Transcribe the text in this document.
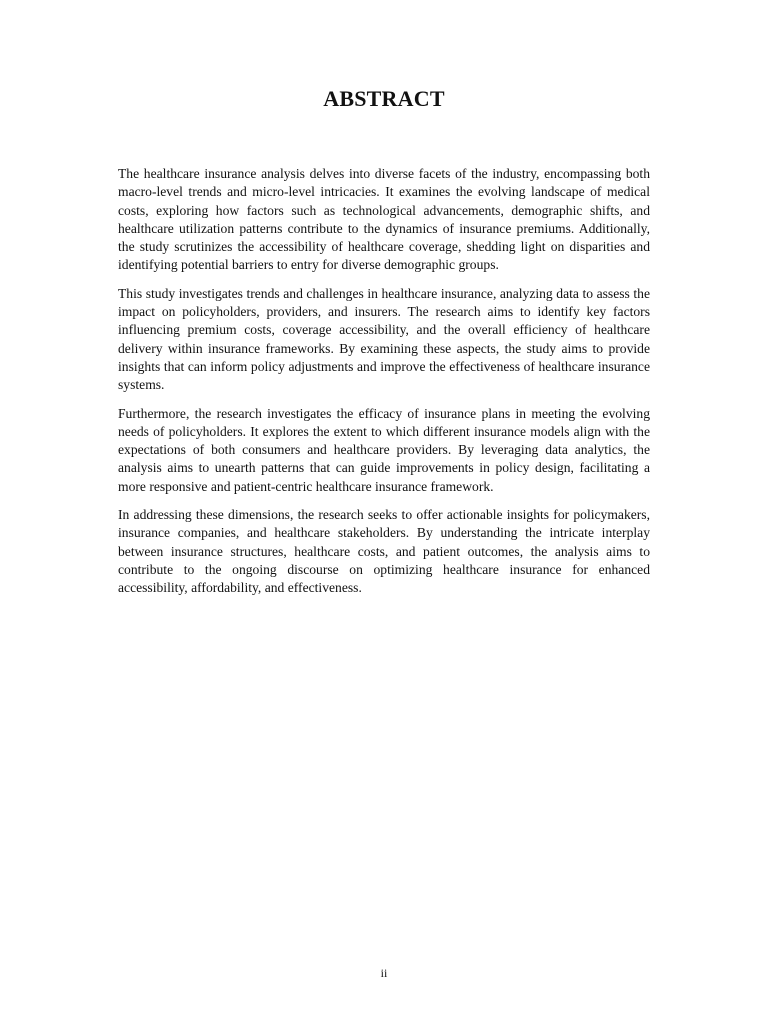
ABSTRACT

The healthcare insurance analysis delves into diverse facets of the industry, encompassing both macro-level trends and micro-level intricacies. It examines the evolving landscape of medical costs, exploring how factors such as technological advancements, demographic shifts, and healthcare utilization patterns contribute to the dynamics of insurance premiums. Additionally, the study scrutinizes the accessibility of healthcare coverage, shedding light on disparities and identifying potential barriers to entry for diverse demographic groups.

This study investigates trends and challenges in healthcare insurance, analyzing data to assess the impact on policyholders, providers, and insurers. The research aims to identify key factors influencing premium costs, coverage accessibility, and the overall efficiency of healthcare delivery within insurance frameworks. By examining these aspects, the study aims to provide insights that can inform policy adjustments and improve the effectiveness of healthcare insurance systems.

Furthermore, the research investigates the efficacy of insurance plans in meeting the evolving needs of policyholders. It explores the extent to which different insurance models align with the expectations of both consumers and healthcare providers. By leveraging data analytics, the analysis aims to unearth patterns that can guide improvements in policy design, facilitating a more responsive and patient-centric healthcare insurance framework.

In addressing these dimensions, the research seeks to offer actionable insights for policymakers, insurance companies, and healthcare stakeholders. By understanding the intricate interplay between insurance structures, healthcare costs, and patient outcomes, the analysis aims to contribute to the ongoing discourse on optimizing healthcare insurance for enhanced accessibility, affordability, and effectiveness.

ii
